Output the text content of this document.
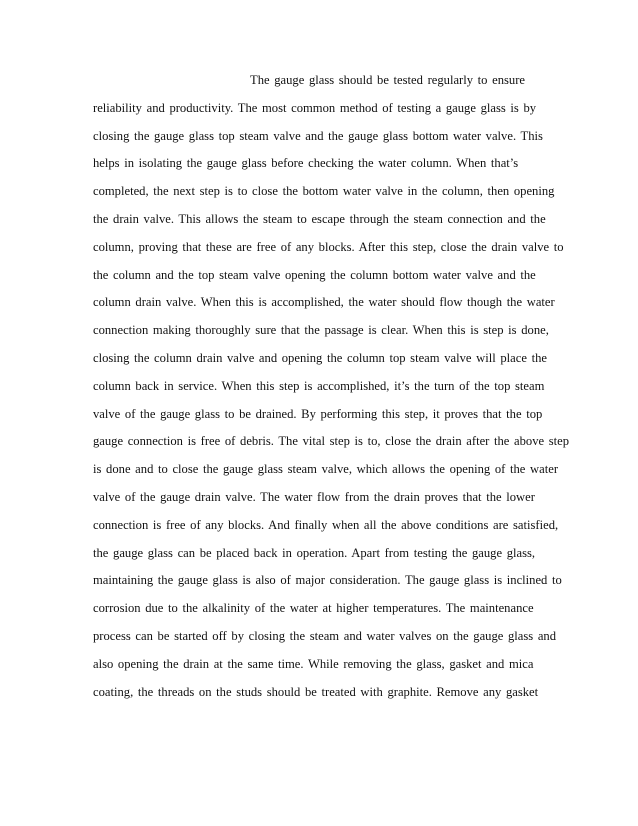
The gauge glass should be tested regularly to ensure
reliability and productivity. The most common method of testing a gauge glass is by
closing the gauge glass top steam valve and the gauge glass bottom water valve. This
helps in isolating the gauge glass before checking the water column. When that’s
completed, the next step is to close the bottom water valve in the column, then opening
the drain valve. This allows the steam to escape through the steam connection and the
column, proving that these are free of any blocks. After this step, close the drain valve to
the column and the top steam valve opening the column bottom water valve and the
column drain valve. When this is accomplished, the water should flow though the water
connection making thoroughly sure that the passage is clear. When this is step is done,
closing the column drain valve and opening the column top steam valve will place the
column back in service. When this step is accomplished, it’s the turn of the top steam
valve of the gauge glass to be drained. By performing this step, it proves that the top
gauge connection is free of debris. The vital step is to, close the drain after the above step
is done and to close the gauge glass steam valve, which allows the opening of the water
valve of the gauge drain valve. The water flow from the drain proves that the lower
connection is free of any blocks. And finally when all the above conditions are satisfied,
the gauge glass can be placed back in operation. Apart from testing the gauge glass,
maintaining the gauge glass is also of major consideration. The gauge glass is inclined to
corrosion due to the alkalinity of the water at higher temperatures. The maintenance
process can be started off by closing the steam and water valves on the gauge glass and
also opening the drain at the same time. While removing the glass, gasket and mica
coating, the threads on the studs should be treated with graphite. Remove any gasket
